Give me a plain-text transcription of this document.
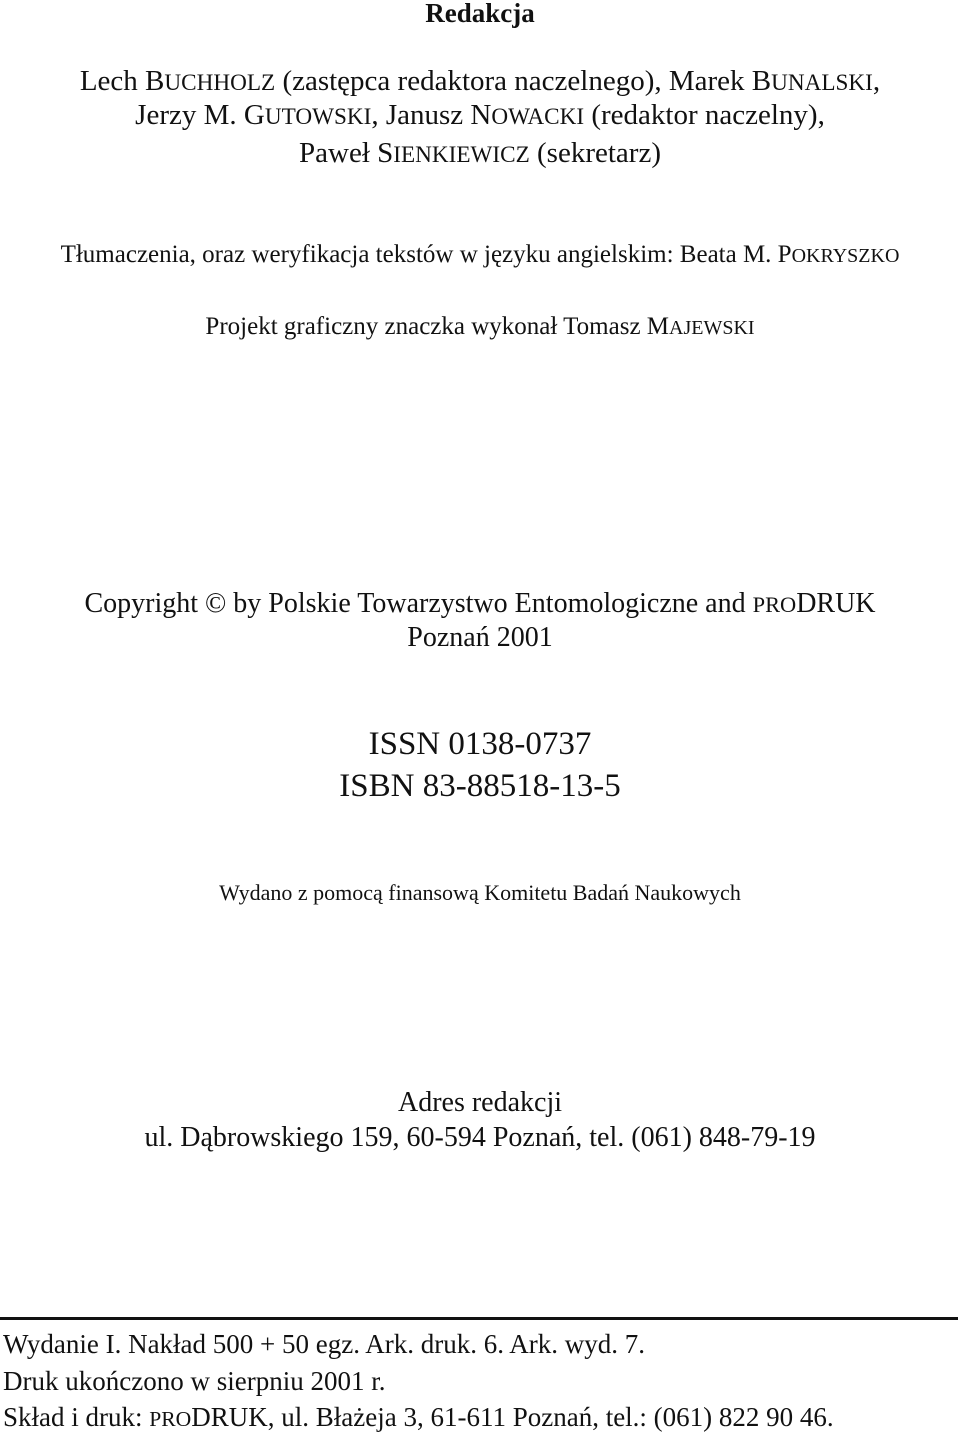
Redakcja
Lech BUCHHOLZ (zastępca redaktora naczelnego), Marek BUNALSKI,
Jerzy M. GUTOWSKI, Janusz NOWACKI (redaktor naczelny),
Paweł SIENKIEWICZ (sekretarz)
Tłumaczenia, oraz weryfikacja tekstów w języku angielskim: Beata M. POKRYSZKO
Projekt graficzny znaczka wykonał Tomasz MAJEWSKI
Copyright © by Polskie Towarzystwo Entomologiczne and PRODRUK
Poznań 2001
ISSN 0138-0737
ISBN 83-88518-13-5
Wydano z pomocą finansową Komitetu Badań Naukowych
Adres redakcji
ul. Dąbrowskiego 159, 60-594 Poznań, tel. (061) 848-79-19
Wydanie I. Nakład 500 + 50 egz. Ark. druk. 6. Ark. wyd. 7.
Druk ukończono w sierpniu 2001 r.
Skład i druk: PRODRUK, ul. Błażeja 3, 61-611 Poznań, tel.: (061) 822 90 46.
